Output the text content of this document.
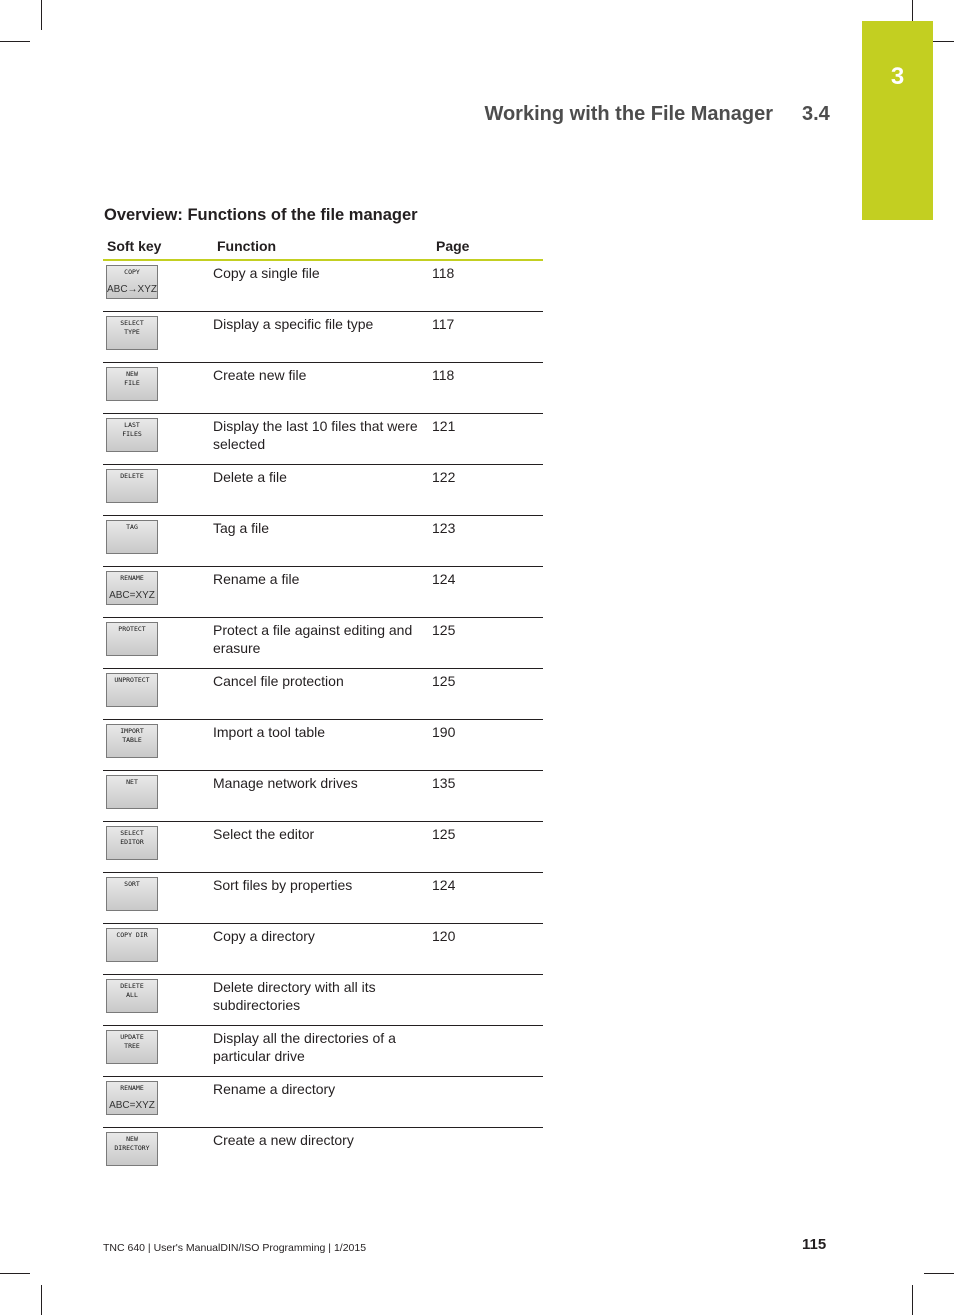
3
Working with the File Manager 3.4
Overview: Functions of the file manager
Soft key	Function	Page

COPY
ABC→XYZ	Copy a single file	118

SELECT
TYPE	Display a specific file type	117

NEW
FILE	Create new file	118

LAST
FILES	Display the last 10 files that were selected	121

DELETE	Delete a file	122

TAG	Tag a file	123

RENAME
ABC=XYZ	Rename a file	124

PROTECT	Protect a file against editing and erasure	125

UNPROTECT	Cancel file protection	125

IMPORT
TABLE	Import a tool table	190

NET	Manage network drives	135

SELECT
EDITOR	Select the editor	125

SORT	Sort files by properties	124

COPY DIR	Copy a directory	120

DELETE
ALL	Delete directory with all its subdirectories	

UPDATE
TREE	Display all the directories of a particular drive	

RENAME
ABC=XYZ	Rename a directory	

NEW
DIRECTORY	Create a new directory	
TNC 640 | User's ManualDIN/ISO Programming | 1/2015	115
